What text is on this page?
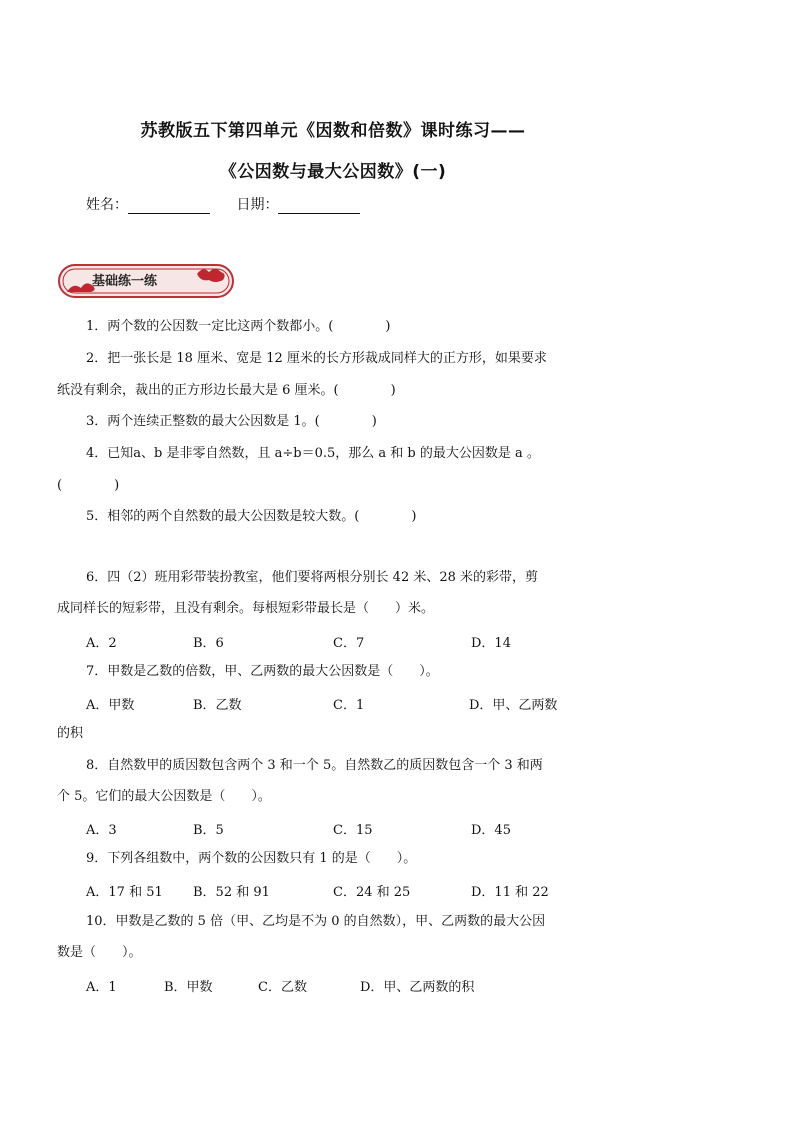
苏教版五下第四单元《因数和倍数》课时练习——
《公因数与最大公因数》(一)
姓名：	日期：
基础练一练
1．两个数的公因数一定比这两个数都小。(　　　　)
2．把一张长是 18 厘米、宽是 12 厘米的长方形裁成同样大的正方形，如果要求
纸没有剩余，裁出的正方形边长最大是 6 厘米。(　　　　)
3．两个连续正整数的最大公因数是 1。(　　　　)
4．已知a、b 是非零自然数，且 a÷b＝0.5，那么 a 和 b 的最大公因数是 a 。
(　　　　)
5．相邻的两个自然数的最大公因数是较大数。(　　　　)
6．四（2）班用彩带装扮教室，他们要将两根分别长 42 米、28 米的彩带，剪
成同样长的短彩带，且没有剩余。每根短彩带最长是（　　）米。
A．2	B．6	C．7	D．14
7．甲数是乙数的倍数，甲、乙两数的最大公因数是（　　）。
A．甲数	B．乙数	C．1	D．甲、乙两数
的积
8．自然数甲的质因数包含两个 3 和一个 5。自然数乙的质因数包含一个 3 和两
个 5。它们的最大公因数是（　　）。
A．3	B．5	C．15	D．45
9．下列各组数中，两个数的公因数只有 1 的是（　　）。
A．17 和 51 B．52 和 91	C．24 和 25	D．11 和 22
10．甲数是乙数的 5 倍（甲、乙均是不为 0 的自然数），甲、乙两数的最大公因
数是（　　）。
A．1	B．甲数	C．乙数	D．甲、乙两数的积
